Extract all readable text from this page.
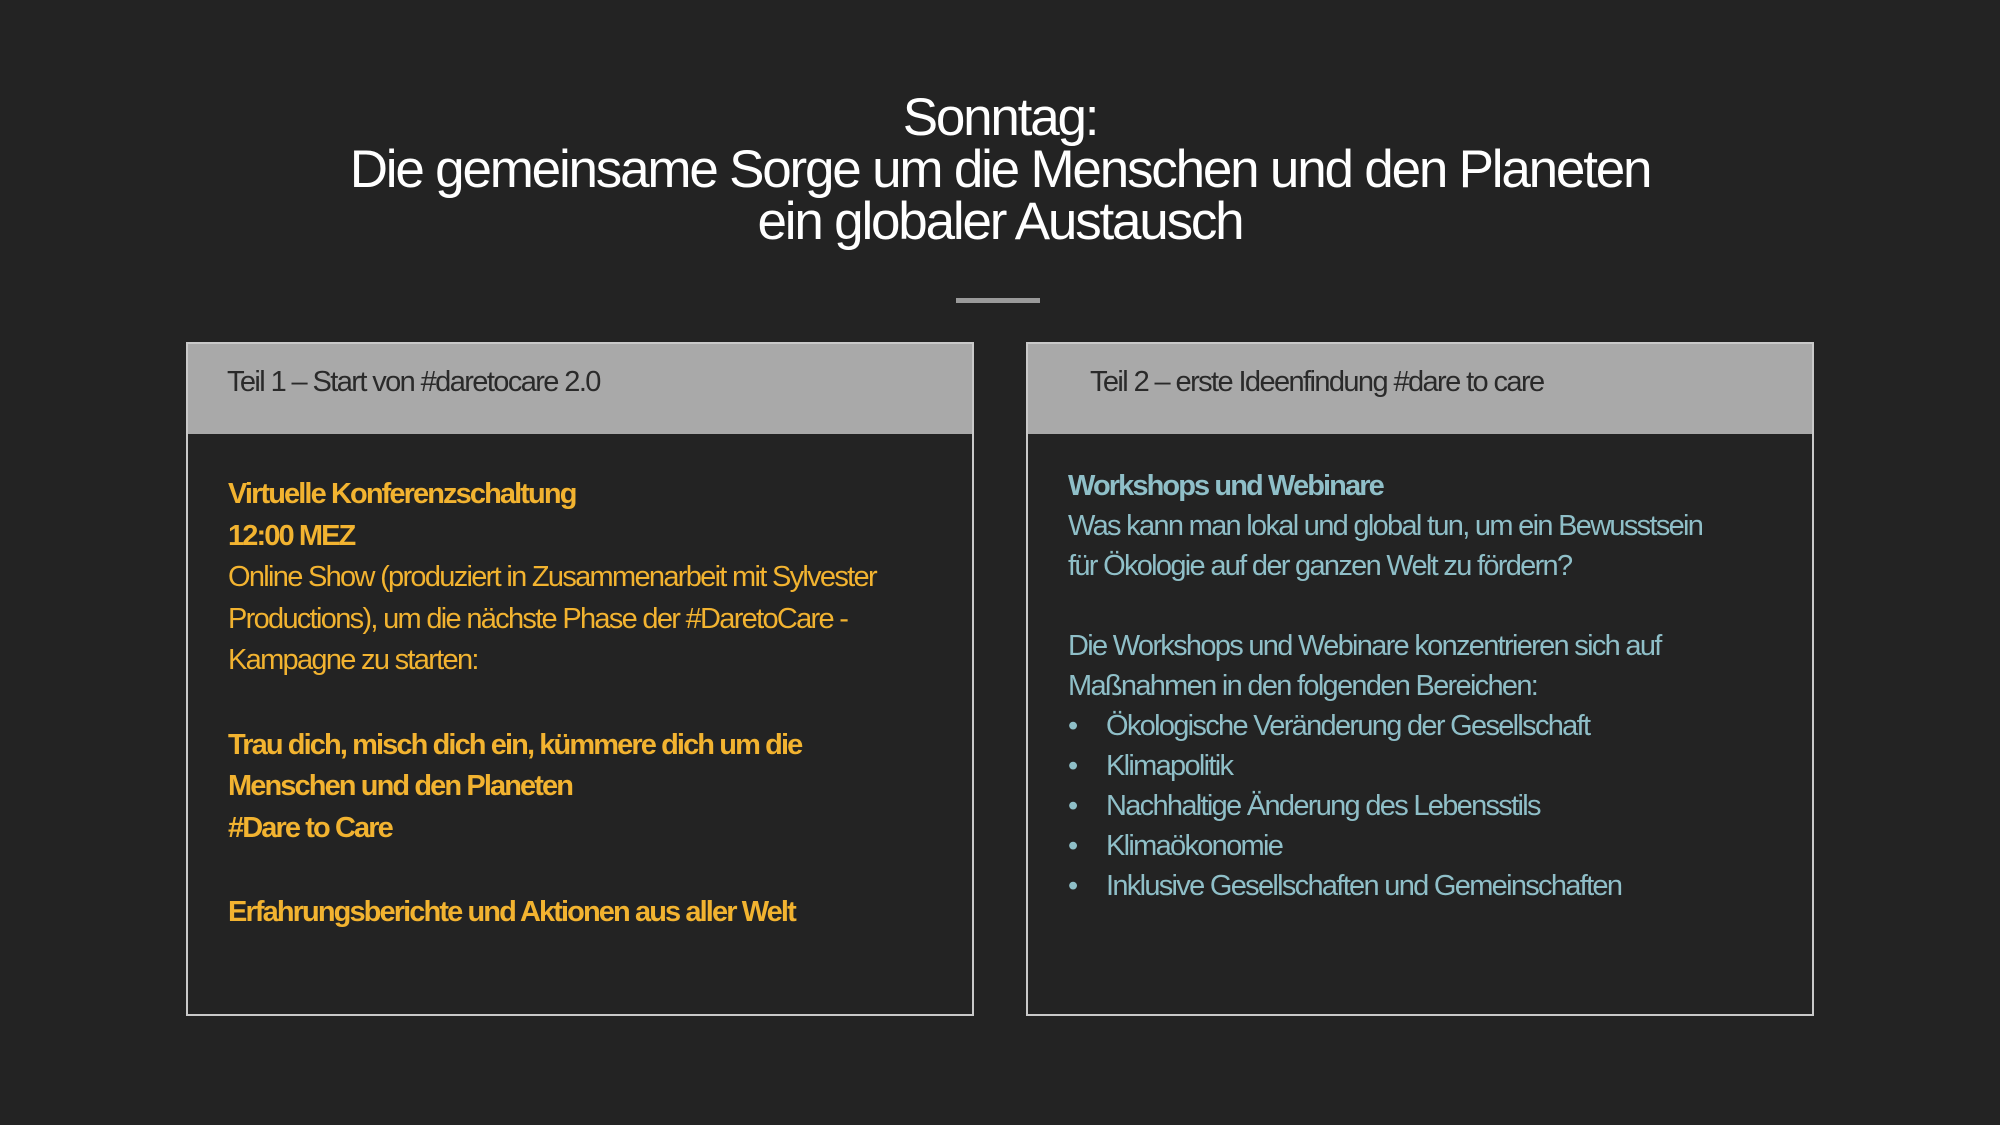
Sonntag:
Die gemeinsame Sorge um die Menschen und den Planeten
ein globaler Austausch
Teil 1 – Start von #daretocare 2.0
Virtuelle Konferenzschaltung
12:00 MEZ
Online Show (produziert in Zusammenarbeit mit Sylvester
Productions), um die nächste Phase der #DaretoCare -
Kampagne zu starten:
Trau dich, misch dich ein, kümmere dich um die
Menschen und den Planeten
#Dare to Care
Erfahrungsberichte und Aktionen aus aller Welt
Teil 2 – erste Ideenfindung #dare to care
Workshops und Webinare
Was kann man lokal und global tun, um ein Bewusstsein
für Ökologie auf der ganzen Welt zu fördern?
Die Workshops und Webinare konzentrieren sich auf
Maßnahmen in den folgenden Bereichen:
• Ökologische Veränderung der Gesellschaft
• Klimapolitik
• Nachhaltige Änderung des Lebensstils
• Klimaökonomie
• Inklusive Gesellschaften und Gemeinschaften
